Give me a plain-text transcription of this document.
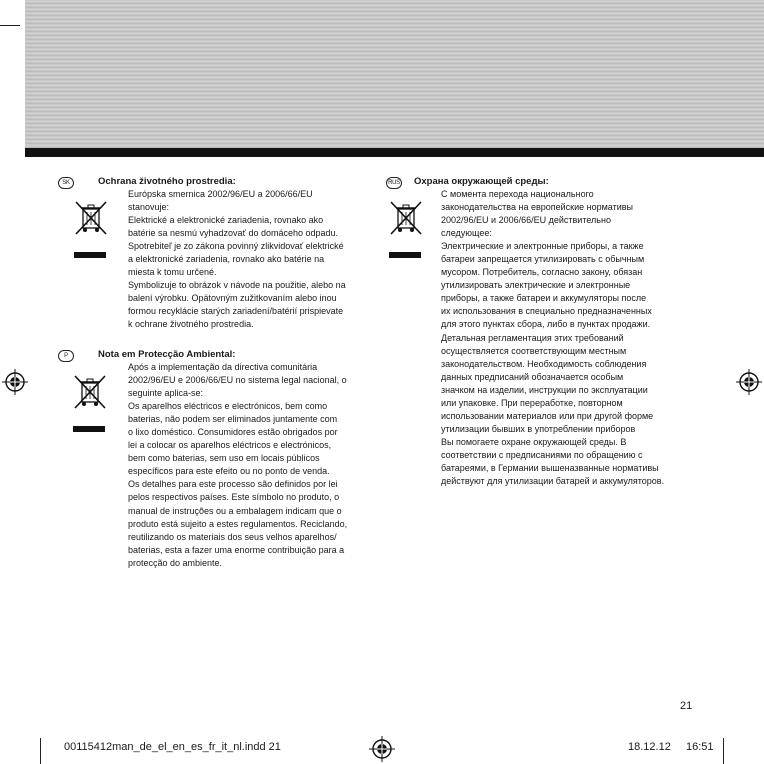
SK	Ochrana životného prostredia:
Európska smernica 2002/96/EU a 2006/66/EU
stanovuje:
Elektrické a elektronické zariadenia, rovnako ako
batérie sa nesmú vyhadzovať do domáceho odpadu.
Spotrebiteľ je zo zákona povinný zlikvidovať elektrické
a elektronické zariadenia, rovnako ako batérie na
miesta k tomu určené.
Symbolizuje to obrázok v návode na použitie, alebo na
balení výrobku. Opätovným zužitkovaním alebo inou
formou recyklácie starých zariadení/batérií prispievate
k ochrane životného prostredia.
P	Nota em Protecção Ambiental:
Após a implementação da directiva comunitária
2002/96/EU e 2006/66/EU no sistema legal nacional, o
seguinte aplica-se:
Os aparelhos eléctricos e electrónicos, bem como
baterias, não podem ser eliminados juntamente com
o lixo doméstico. Consumidores estão obrigados por
lei a colocar os aparelhos eléctricos e electrónicos,
bem como baterias, sem uso em locais públicos
específicos para este efeito ou no ponto de venda.
Os detalhes para este processo são definidos por lei
pelos respectivos países. Este símbolo no produto, o
manual de instruções ou a embalagem indicam que o
produto está sujeito a estes regulamentos. Reciclando,
reutilizando os materiais dos seus velhos aparelhos/
baterias, esta a fazer uma enorme contribuição para a
protecção do ambiente.
RUS Охрана окружающей среды:
С момента перехода национального
законодательства на европейские нормативы
2002/96/EU и 2006/66/EU действительно
следующее:
Электрические и электронные приборы, а также
батареи запрещается утилизировать с обычным
мусором. Потребитель, согласно закону, обязан
утилизировать электрические и электронные
приборы, а также батареи и аккумуляторы после
их использования в специально предназначенных
для этого пунктах сбора, либо в пунктах продажи.
Детальная регламентация этих требований
осуществляется соответствующим местным
законодательством. Необходимость соблюдения
данных предписаний обозначается особым
значком на изделии, инструкции по эксплуатации
или упаковке. При переработке, повторном
использовании материалов или при другой форме
утилизации бывших в употреблении приборов
Вы помогаете охране окружающей среды. В
соответствии с предписаниями по обращению с
батареями, в Германии вышеназванные нормативы
действуют для утилизации батарей и аккумуляторов.
21
00115412man_de_el_en_es_fr_it_nl.indd 21	18.12.12 16:51
